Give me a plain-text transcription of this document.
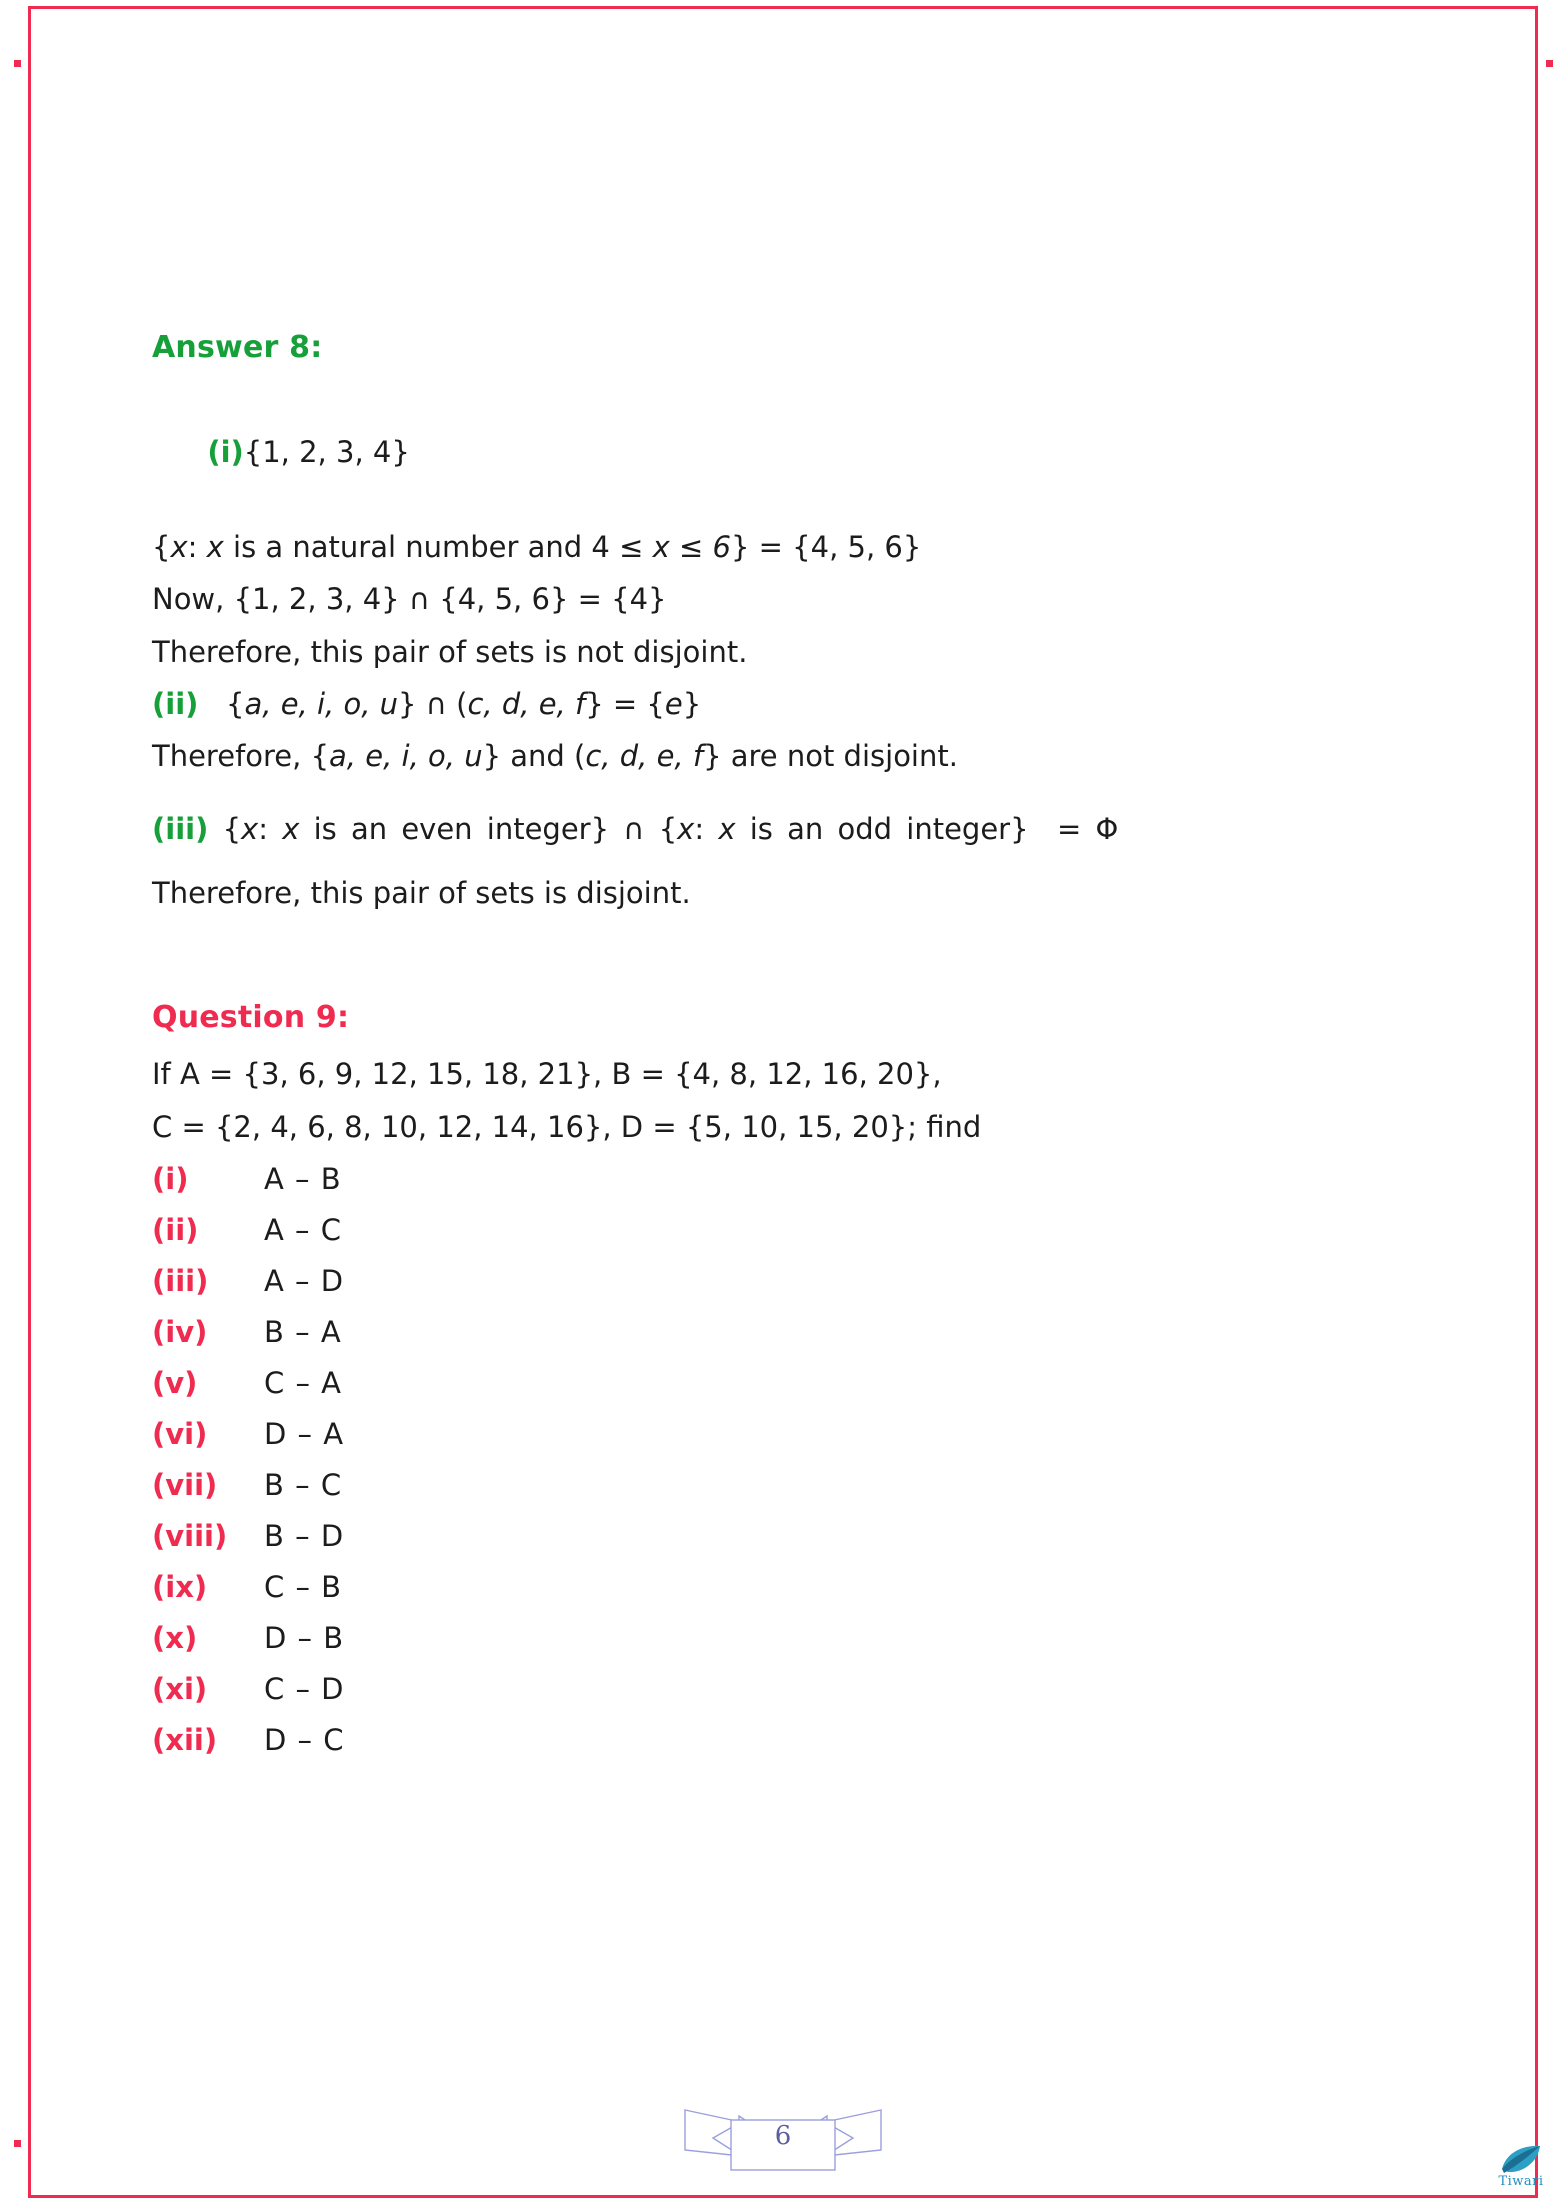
Answer 8:

(i){1, 2, 3, 4}

{x: x is a natural number and 4 ≤ x ≤ 6} = {4, 5, 6}
Now, {1, 2, 3, 4} ∩ {4, 5, 6} = {4}
Therefore, this pair of sets is not disjoint.
(ii) {a, e, i, o, u} ∩ (c, d, e, f} = {e}
Therefore, {a, e, i, o, u} and (c, d, e, f} are not disjoint.
(iii) {x: x is an even integer} ∩ {x: x is an odd integer} = Φ
Therefore, this pair of sets is disjoint.
Question 9:
If A = {3, 6, 9, 12, 15, 18, 21}, B = {4, 8, 12, 16, 20},
C = {2, 4, 6, 8, 10, 12, 14, 16}, D = {5, 10, 15, 20}; find
(i)	A – B
(ii)	A – C
(iii)	A – D
(iv)	B – A
(v)	C – A
(vi)	D – A
(vii)	B – C
(viii)	B – D
(ix)	C – B
(x)	D – B
(xi)	C – D
(xii)	D – C
6
Tiwari
